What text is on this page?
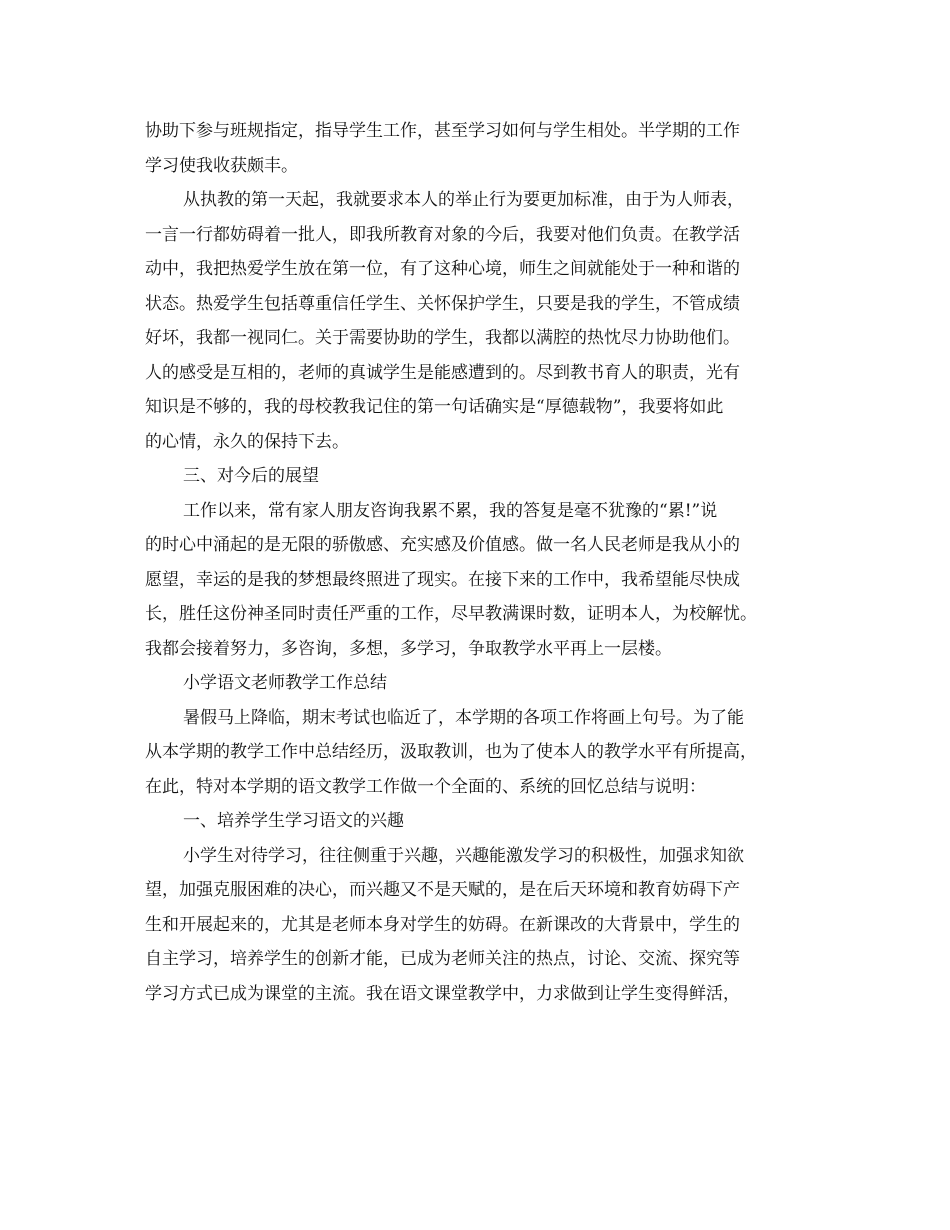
协助下参与班规指定，指导学生工作，甚至学习如何与学生相处。半学期的工作
学习使我收获颇丰。
从执教的第一天起，我就要求本人的举止行为要更加标准，由于为人师表，
一言一行都妨碍着一批人，即我所教育对象的今后，我要对他们负责。在教学活
动中，我把热爱学生放在第一位，有了这种心境，师生之间就能处于一种和谐的
状态。热爱学生包括尊重信任学生、关怀保护学生，只要是我的学生，不管成绩
好坏，我都一视同仁。关于需要协助的学生，我都以满腔的热忱尽力协助他们。
人的感受是互相的，老师的真诚学生是能感遭到的。尽到教书育人的职责，光有
知识是不够的，我的母校教我记住的第一句话确实是“厚德载物”，我要将如此
的心情，永久的保持下去。
三、对今后的展望
工作以来，常有家人朋友咨询我累不累，我的答复是毫不犹豫的“累!”说
的时心中涌起的是无限的骄傲感、充实感及价值感。做一名人民老师是我从小的
愿望，幸运的是我的梦想最终照进了现实。在接下来的工作中，我希望能尽快成
长，胜任这份神圣同时责任严重的工作，尽早教满课时数，证明本人，为校解忧。
我都会接着努力，多咨询，多想，多学习，争取教学水平再上一层楼。
小学语文老师教学工作总结
暑假马上降临，期末考试也临近了，本学期的各项工作将画上句号。为了能
从本学期的教学工作中总结经历，汲取教训，也为了使本人的教学水平有所提高，
在此，特对本学期的语文教学工作做一个全面的、系统的回忆总结与说明：
一、培养学生学习语文的兴趣
小学生对待学习，往往侧重于兴趣，兴趣能激发学习的积极性，加强求知欲
望，加强克服困难的决心，而兴趣又不是天赋的，是在后天环境和教育妨碍下产
生和开展起来的，尤其是老师本身对学生的妨碍。在新课改的大背景中，学生的
自主学习，培养学生的创新才能，已成为老师关注的热点，讨论、交流、探究等
学习方式已成为课堂的主流。我在语文课堂教学中，力求做到让学生变得鲜活，
